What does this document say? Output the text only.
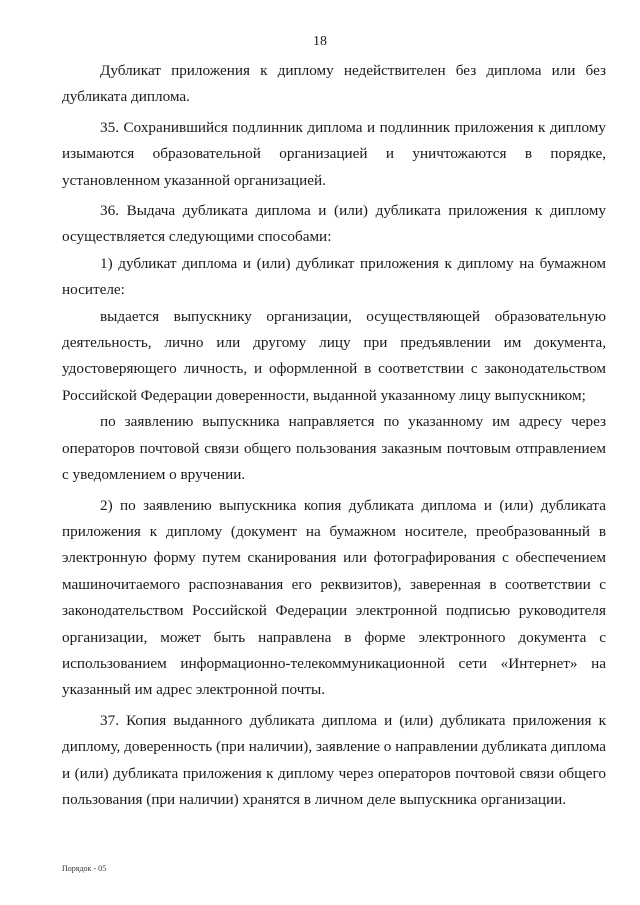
18

Дубликат приложения к диплому недействителен без диплома или без дубликата диплома.

35. Сохранившийся подлинник диплома и подлинник приложения к диплому изымаются образовательной организацией и уничтожаются в порядке, установленном указанной организацией.

36. Выдача дубликата диплома и (или) дубликата приложения к диплому осуществляется следующими способами:

1) дубликат диплома и (или) дубликат приложения к диплому на бумажном носителе:

выдается выпускнику организации, осуществляющей образовательную деятельность, лично или другому лицу при предъявлении им документа, удостоверяющего личность, и оформленной в соответствии с законодательством Российской Федерации доверенности, выданной указанному лицу выпускником;

по заявлению выпускника направляется по указанному им адресу через операторов почтовой связи общего пользования заказным почтовым отправлением с уведомлением о вручении.

2) по заявлению выпускника копия дубликата диплома и (или) дубликата приложения к диплому (документ на бумажном носителе, преобразованный в электронную форму путем сканирования или фотографирования с обеспечением машиночитаемого распознавания его реквизитов), заверенная в соответствии с законодательством Российской Федерации электронной подписью руководителя организации, может быть направлена в форме электронного документа с использованием информационно-телекоммуникационной сети «Интернет» на указанный им адрес электронной почты.

37. Копия выданного дубликата диплома и (или) дубликата приложения к диплому, доверенность (при наличии), заявление о направлении дубликата диплома и (или) дубликата приложения к диплому через операторов почтовой связи общего пользования (при наличии) хранятся в личном деле выпускника организации.

Порядок - 05
